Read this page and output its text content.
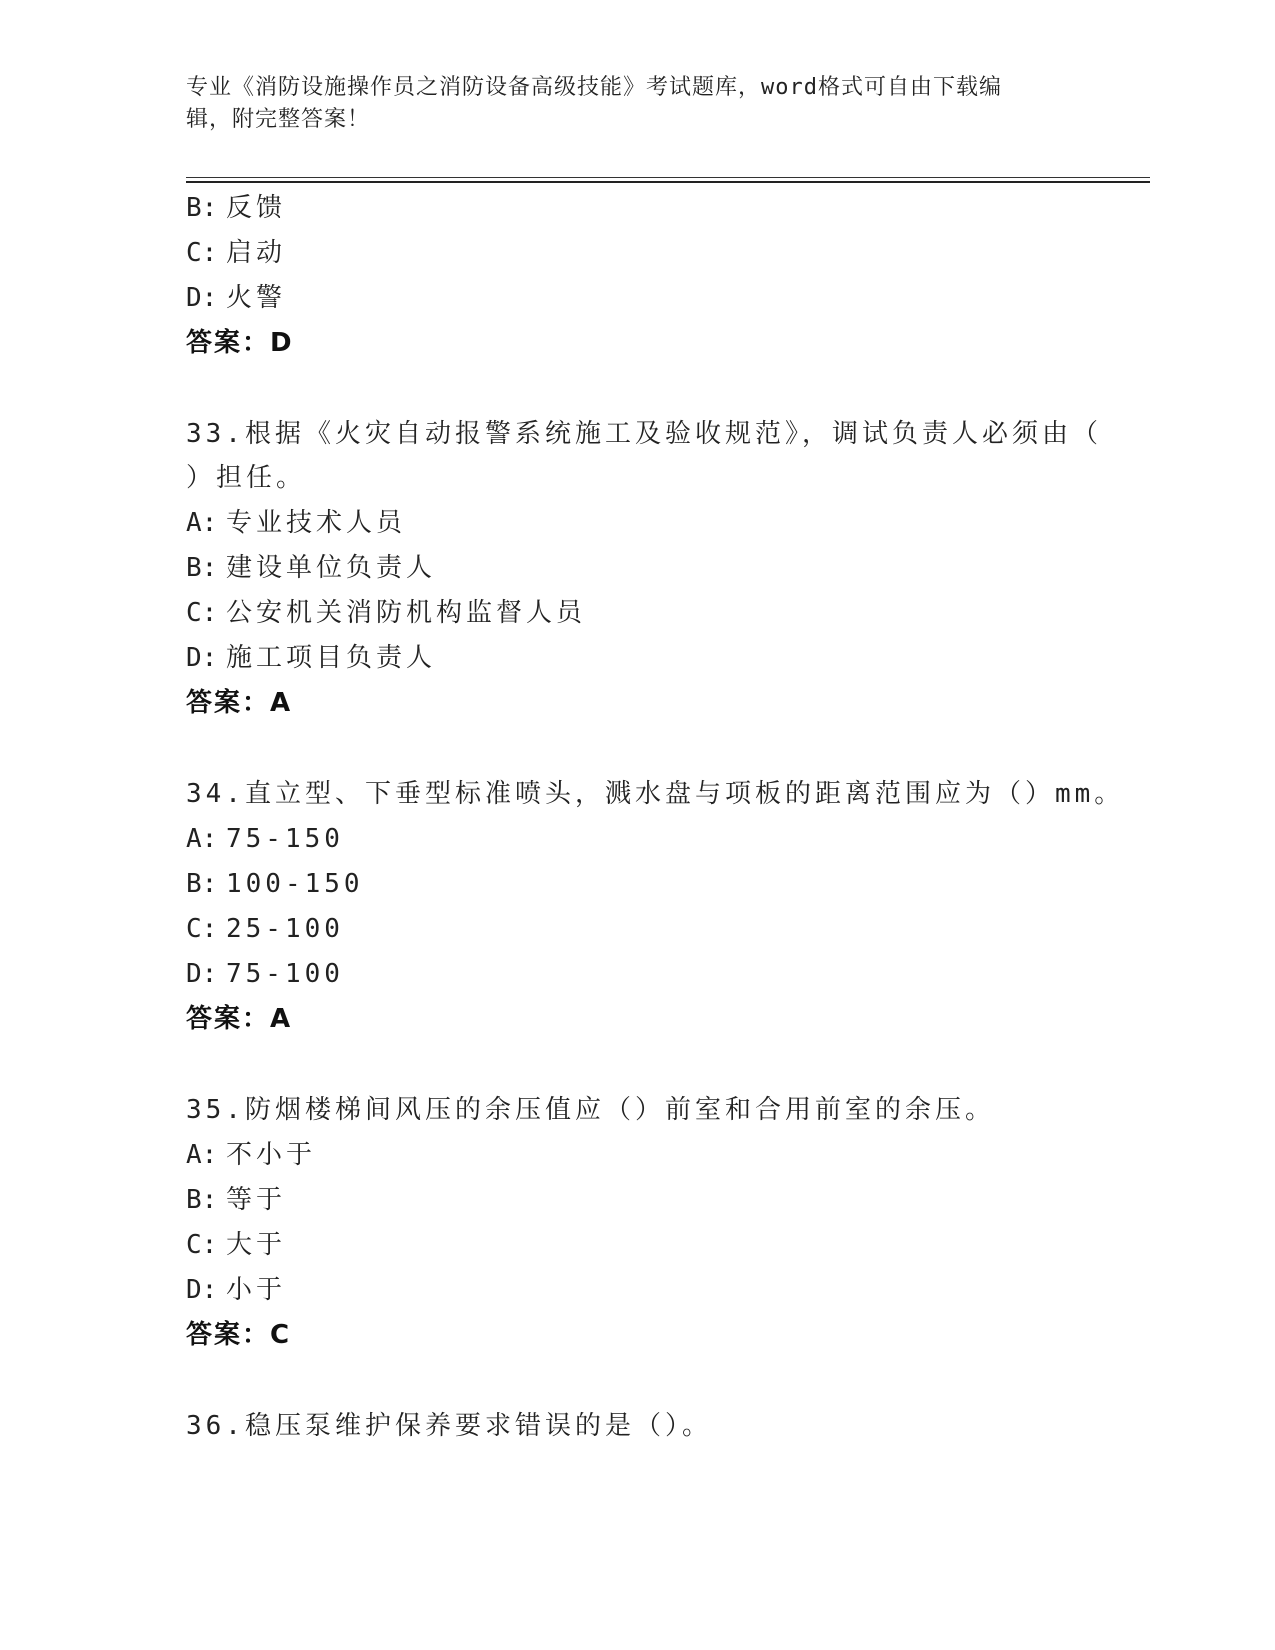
专业《消防设施操作员之消防设备高级技能》考试题库，word格式可自由下载编
辑，附完整答案！
B: 反馈
C: 启动
D: 火警
答案：D
33.根据《火灾自动报警系统施工及验收规范》，调试负责人必须由（
）担任。
A: 专业技术人员
B: 建设单位负责人
C: 公安机关消防机构监督人员
D: 施工项目负责人
答案：A
34.直立型、下垂型标准喷头，溅水盘与项板的距离范围应为（）mm。
A: 75-150
B: 100-150
C: 25-100
D: 75-100
答案：A
35.防烟楼梯间风压的余压值应（）前室和合用前室的余压。
A: 不小于
B: 等于
C: 大于
D: 小于
答案：C
36.稳压泵维护保养要求错误的是（）。
